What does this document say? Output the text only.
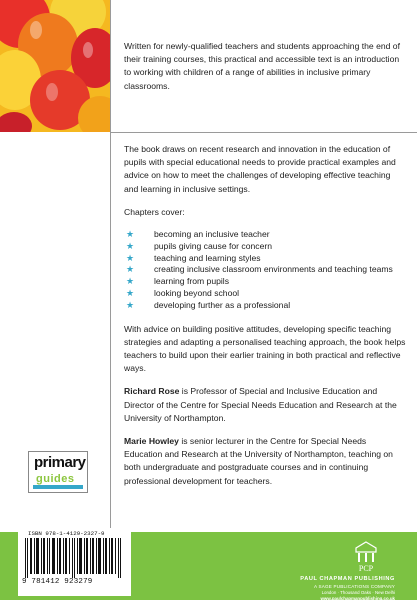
Written for newly-qualified teachers and students approaching the end of their training courses, this practical and accessible text is an introduction to working with children of a range of abilities in inclusive primary classrooms.

The book draws on recent research and innovation in the education of pupils with special educational needs to provide practical examples and advice on how to meet the challenges of developing effective teaching and learning in inclusive settings.

Chapters cover:

★ becoming an inclusive teacher
★ pupils giving cause for concern
★ teaching and learning styles
★ creating inclusive classroom environments and teaching teams
★ learning from pupils
★ looking beyond school
★ developing further as a professional

With advice on building positive attitudes, developing specific teaching strategies and adapting a personalised teaching approach, the book helps teachers to build upon their earlier training in both practical and reflective ways.

Richard Rose is Professor of Special and Inclusive Education and Director of the Centre for Special Needs Education and Research at the University of Northampton.

Marie Howley is senior lecturer in the Centre for Special Needs Education and Research at the University of Northampton, teaching on both undergraduate and postgraduate courses and in continuing professional development for teachers.

primary
guides
ISBN 978-1-4129-2327-9
9 781412 923279
PCP
PAUL CHAPMAN PUBLISHING
A SAGE PUBLICATIONS COMPANY
London · Thousand Oaks · New Delhi
www.paulchapmanpublishing.co.uk
